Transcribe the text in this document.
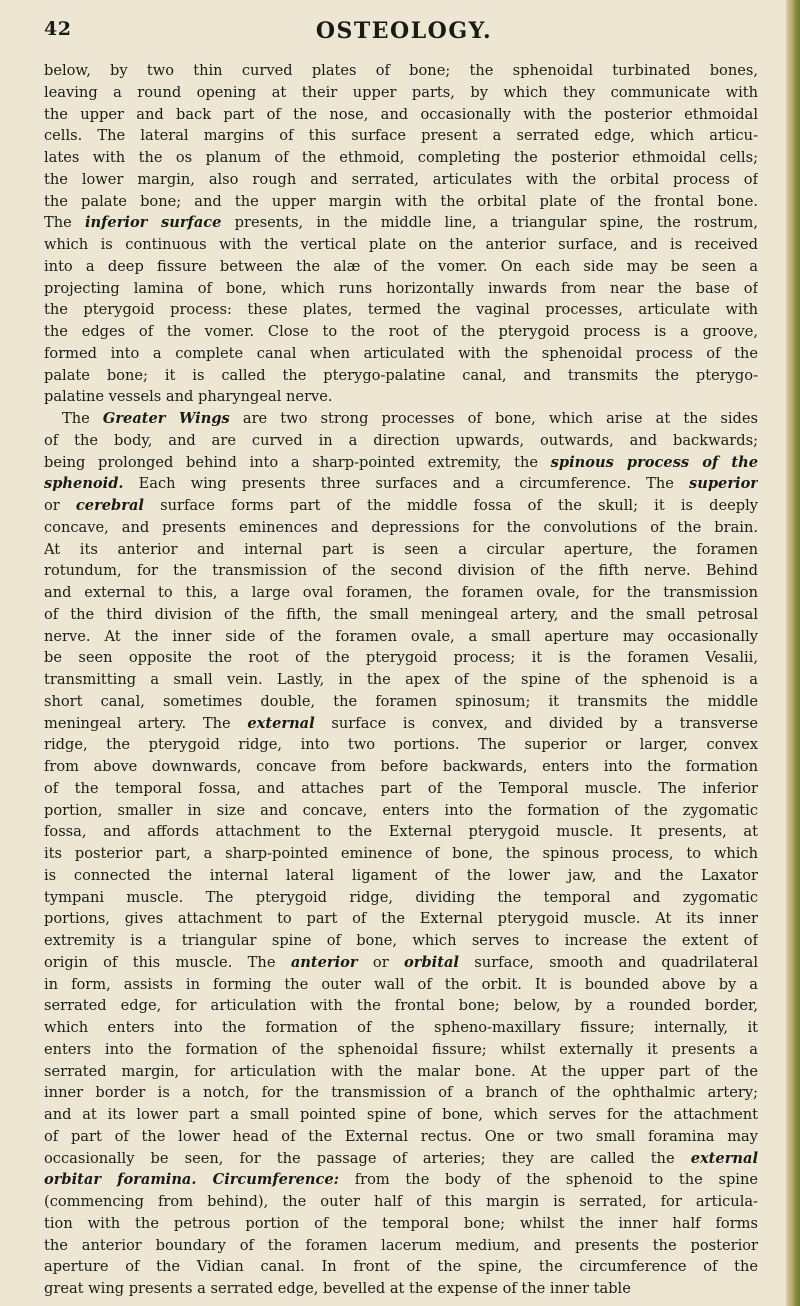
42	OSTEOLOGY.
below, by two thin curved plates of bone; the sphenoidal turbinated bones,
leaving a round opening at their upper parts, by which they communicate with
the upper and back part of the nose, and occasionally with the posterior ethmoidal
cells. The lateral margins of this surface present a serrated edge, which articu-
lates with the os planum of the ethmoid, completing the posterior ethmoidal cells;
the lower margin, also rough and serrated, articulates with the orbital process of
the palate bone; and the upper margin with the orbital plate of the frontal bone.
The inferior surface presents, in the middle line, a triangular spine, the rostrum,
which is continuous with the vertical plate on the anterior surface, and is received
into a deep fissure between the alæ of the vomer. On each side may be seen a
projecting lamina of bone, which runs horizontally inwards from near the base of
the pterygoid process: these plates, termed the vaginal processes, articulate with
the edges of the vomer. Close to the root of the pterygoid process is a groove,
formed into a complete canal when articulated with the sphenoidal process of the
palate bone; it is called the pterygo-palatine canal, and transmits the pterygo-
palatine vessels and pharyngeal nerve.
The Greater Wings are two strong processes of bone, which arise at the sides
of the body, and are curved in a direction upwards, outwards, and backwards;
being prolonged behind into a sharp-pointed extremity, the spinous process of the
sphenoid. Each wing presents three surfaces and a circumference. The superior
or cerebral surface forms part of the middle fossa of the skull; it is deeply
concave, and presents eminences and depressions for the convolutions of the brain.
At its anterior and internal part is seen a circular aperture, the foramen
rotundum, for the transmission of the second division of the fifth nerve. Behind
and external to this, a large oval foramen, the foramen ovale, for the transmission
of the third division of the fifth, the small meningeal artery, and the small petrosal
nerve. At the inner side of the foramen ovale, a small aperture may occasionally
be seen opposite the root of the pterygoid process; it is the foramen Vesalii,
transmitting a small vein. Lastly, in the apex of the spine of the sphenoid is a
short canal, sometimes double, the foramen spinosum; it transmits the middle
meningeal artery. The external surface is convex, and divided by a transverse
ridge, the pterygoid ridge, into two portions. The superior or larger, convex
from above downwards, concave from before backwards, enters into the formation
of the temporal fossa, and attaches part of the Temporal muscle. The inferior
portion, smaller in size and concave, enters into the formation of the zygomatic
fossa, and affords attachment to the External pterygoid muscle. It presents, at
its posterior part, a sharp-pointed eminence of bone, the spinous process, to which
is connected the internal lateral ligament of the lower jaw, and the Laxator
tympani muscle. The pterygoid ridge, dividing the temporal and zygomatic
portions, gives attachment to part of the External pterygoid muscle. At its inner
extremity is a triangular spine of bone, which serves to increase the extent of
origin of this muscle. The anterior or orbital surface, smooth and quadrilateral
in form, assists in forming the outer wall of the orbit. It is bounded above by a
serrated edge, for articulation with the frontal bone; below, by a rounded border,
which enters into the formation of the spheno-maxillary fissure; internally, it
enters into the formation of the sphenoidal fissure; whilst externally it presents a
serrated margin, for articulation with the malar bone. At the upper part of the
inner border is a notch, for the transmission of a branch of the ophthalmic artery;
and at its lower part a small pointed spine of bone, which serves for the attachment
of part of the lower head of the External rectus. One or two small foramina may
occasionally be seen, for the passage of arteries; they are called the external
orbitar foramina. Circumference: from the body of the sphenoid to the spine
(commencing from behind), the outer half of this margin is serrated, for articula-
tion with the petrous portion of the temporal bone; whilst the inner half forms
the anterior boundary of the foramen lacerum medium, and presents the posterior
aperture of the Vidian canal. In front of the spine, the circumference of the
great wing presents a serrated edge, bevelled at the expense of the inner table
